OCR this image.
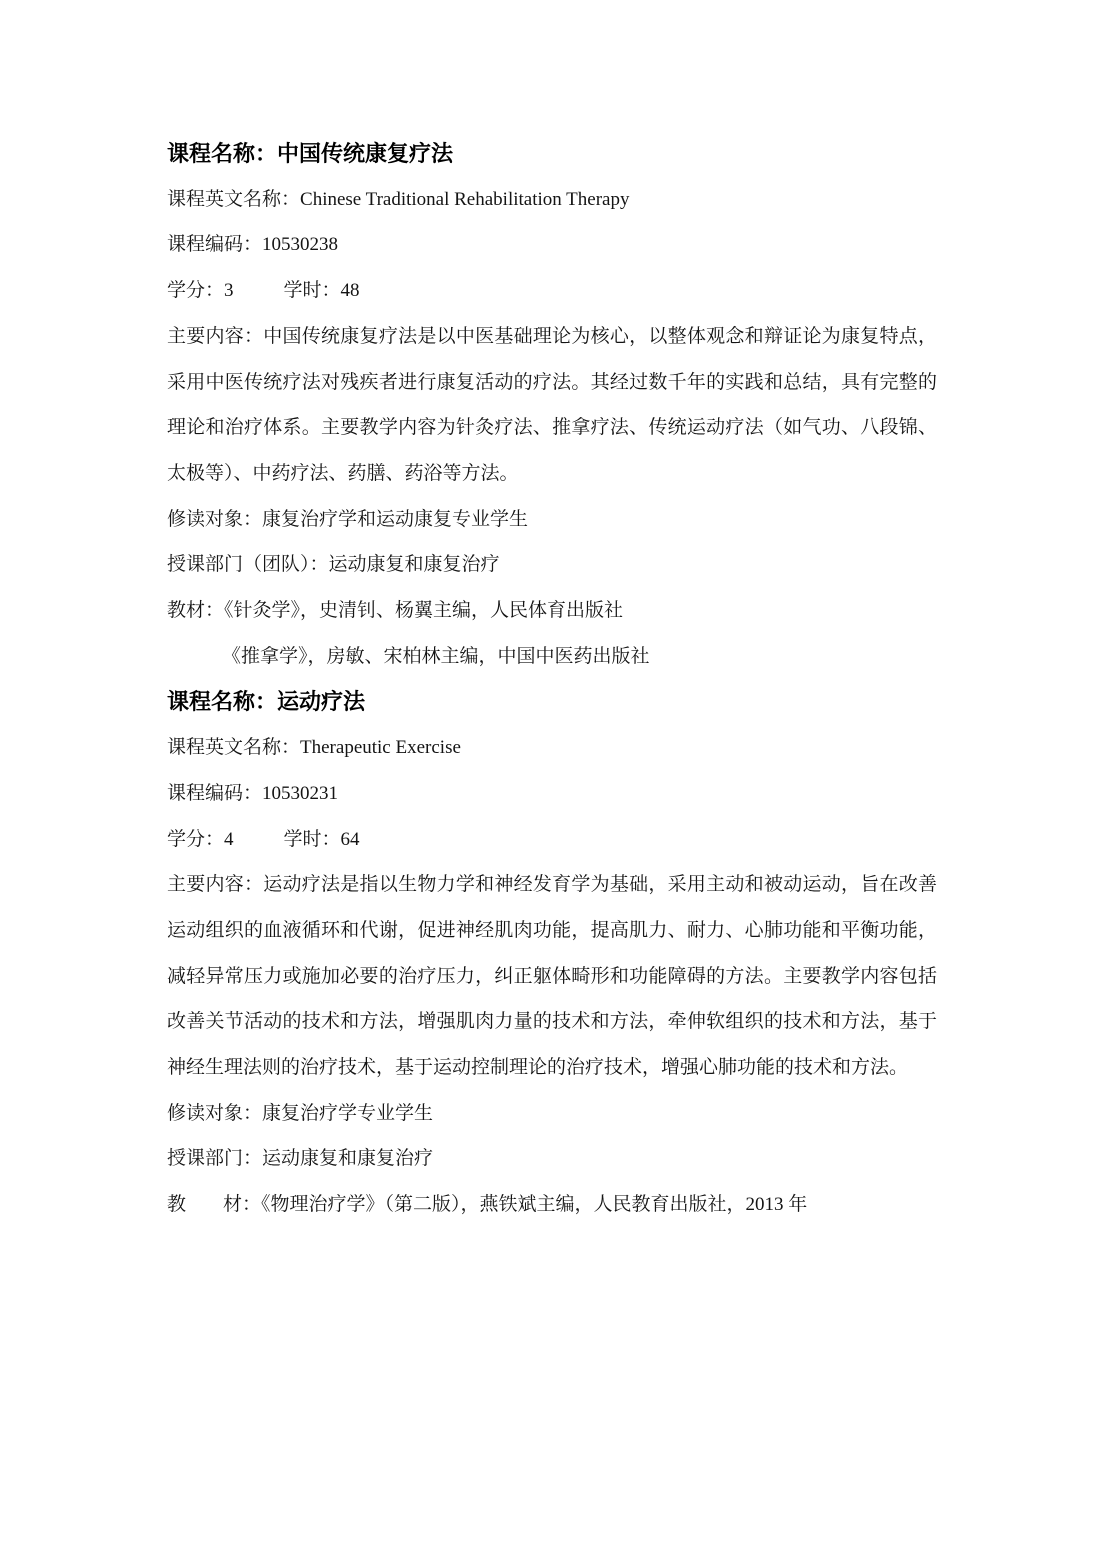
课程名称：中国传统康复疗法
课程英文名称：Chinese Traditional Rehabilitation Therapy
课程编码：10530238
学分：3	学时：48

主要内容：中国传统康复疗法是以中医基础理论为核心，以整体观念和辩证论为康复特点，采用中医传统疗法对残疾者进行康复活动的疗法。其经过数千年的实践和总结，具有完整的理论和治疗体系。主要教学内容为针灸疗法、推拿疗法、传统运动疗法（如气功、八段锦、太极等）、中药疗法、药膳、药浴等方法。

修读对象：康复治疗学和运动康复专业学生
授课部门（团队）：运动康复和康复治疗
教材：《针灸学》，史清钊、杨翼主编，人民体育出版社
《推拿学》，房敏、宋柏林主编，中国中医药出版社
课程名称：运动疗法
课程英文名称：Therapeutic Exercise
课程编码：10530231
学分：4	学时：64

主要内容：运动疗法是指以生物力学和神经发育学为基础，采用主动和被动运动，旨在改善运动组织的血液循环和代谢，促进神经肌肉功能，提高肌力、耐力、心肺功能和平衡功能，减轻异常压力或施加必要的治疗压力，纠正躯体畸形和功能障碍的方法。主要教学内容包括改善关节活动的技术和方法，增强肌肉力量的技术和方法，牵伸软组织的技术和方法，基于神经生理法则的治疗技术，基于运动控制理论的治疗技术，增强心肺功能的技术和方法。

修读对象：康复治疗学专业学生
授课部门：运动康复和康复治疗
教 材：《物理治疗学》（第二版），燕铁斌主编，人民教育出版社，2013 年
